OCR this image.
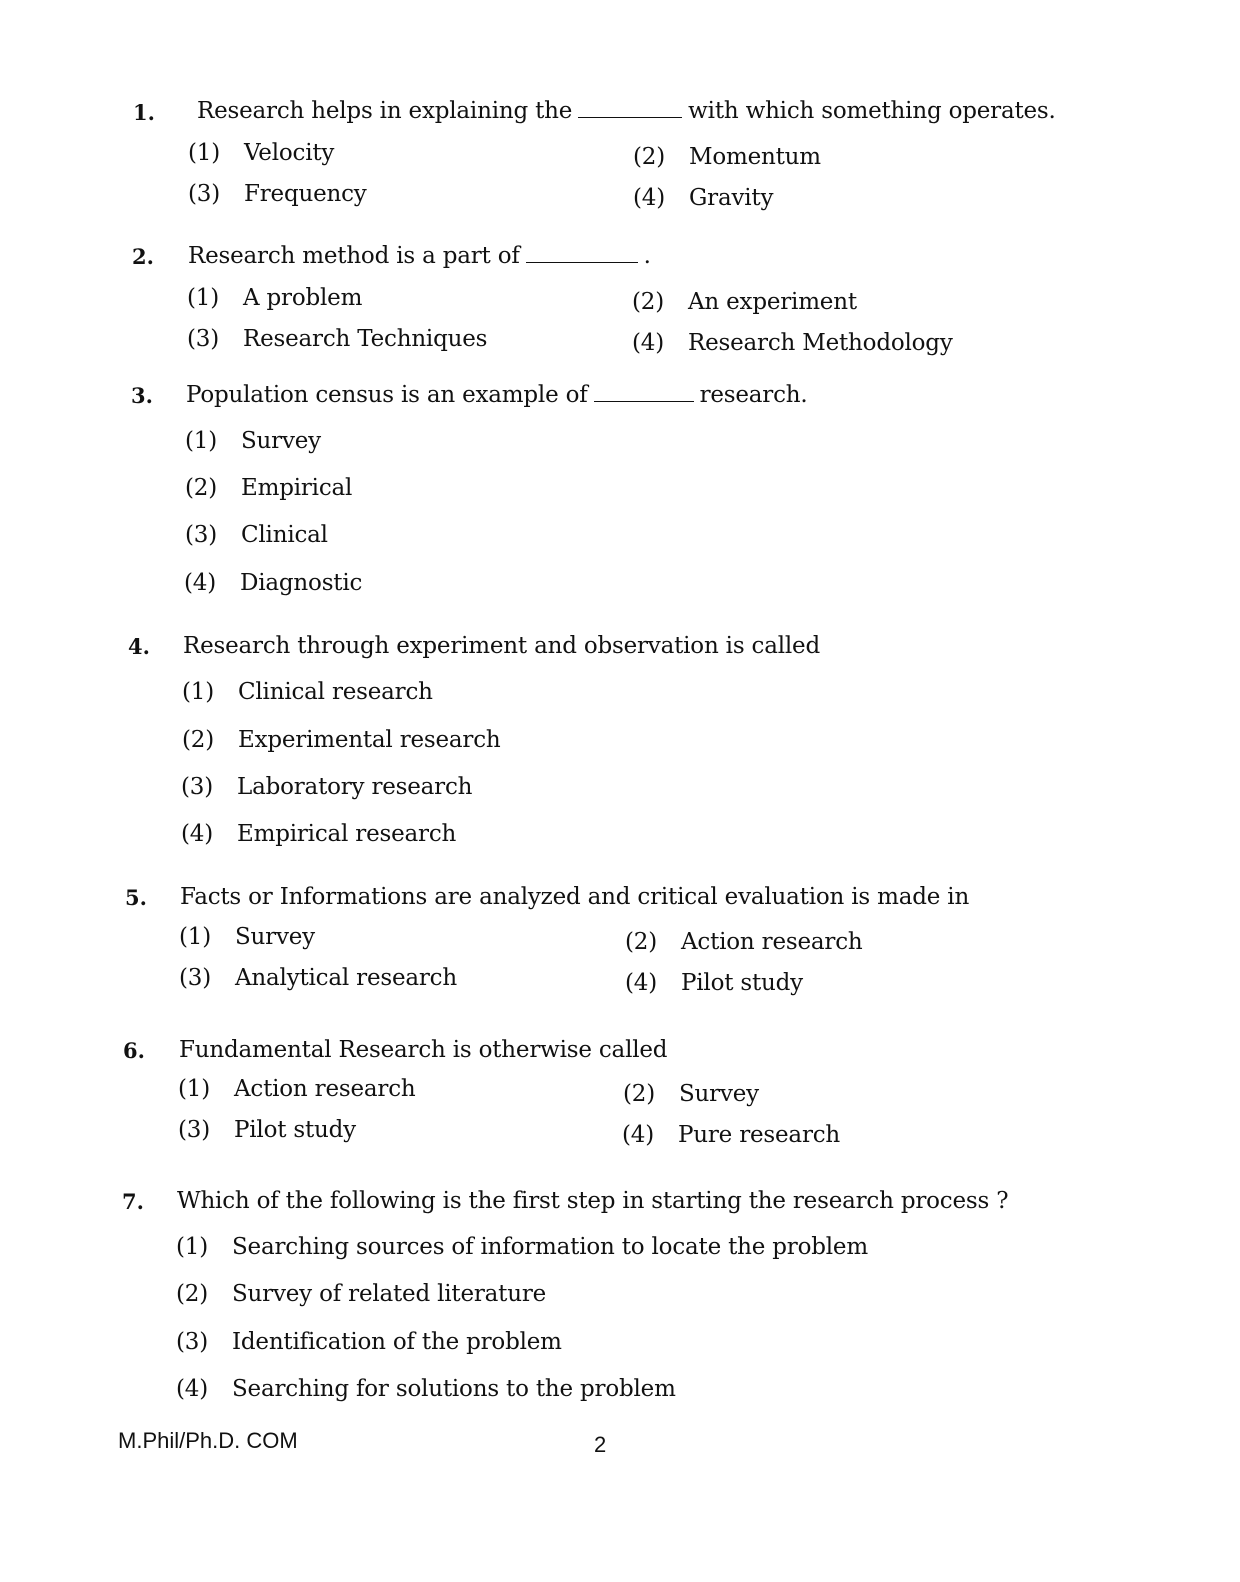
1. Research helps in explaining the	with which something operates.
(1) Velocity	(2) Momentum
(3) Frequency	(4) Gravity
2. Research method is a part of	.
(1) A problem	(2) An experiment
(3) Research Techniques	(4) Research Methodology
3. Population census is an example of	research.
(1) Survey
(2) Empirical
(3) Clinical
(4) Diagnostic
4. Research through experiment and observation is called
(1) Clinical research
(2) Experimental research
(3) Laboratory research
(4) Empirical research
5. Facts or Informations are analyzed and critical evaluation is made in
(1) Survey	(2) Action research
(3) Analytical research	(4) Pilot study
6. Fundamental Research is otherwise called
(1) Action research	(2) Survey
(3) Pilot study	(4) Pure research
7. Which of the following is the first step in starting the research process ?
(1) Searching sources of information to locate the problem
(2) Survey of related literature
(3) Identification of the problem
(4) Searching for solutions to the problem
M.Phil/Ph.D. COM	2
